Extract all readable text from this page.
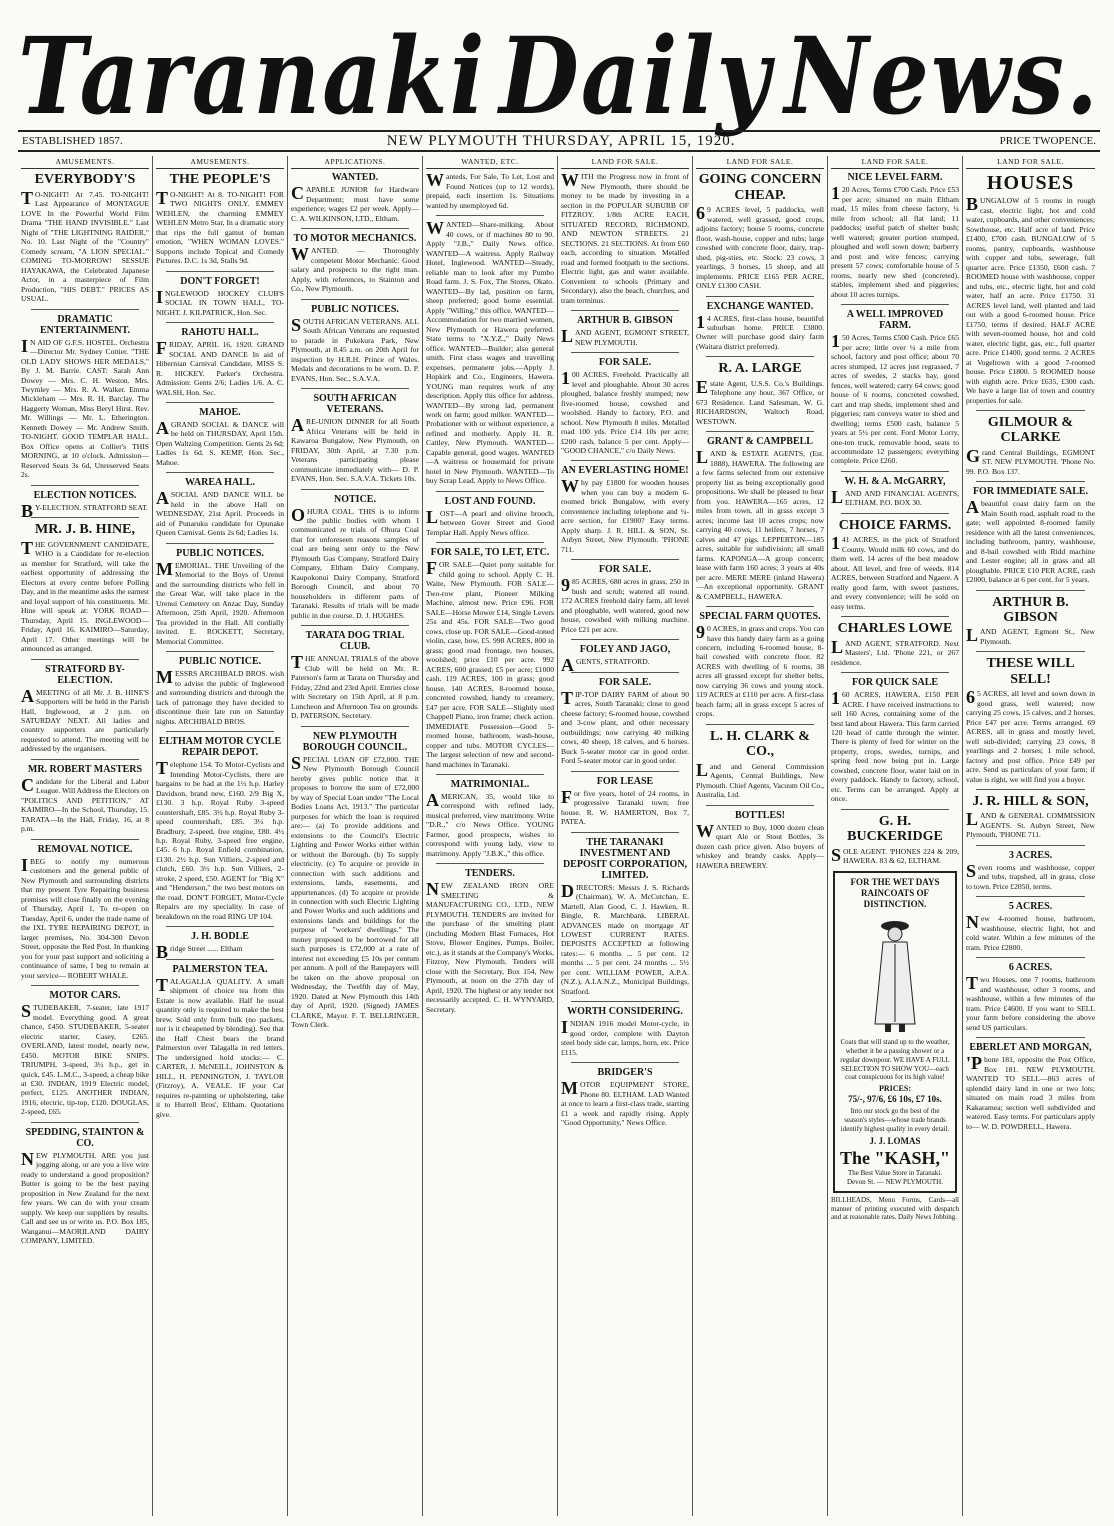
Taranaki Daily News.
ESTABLISHED 1857.	NEW PLYMOUTH THURSDAY, APRIL 15, 1920.	PRICE TWOPENCE.
AMUSEMENTS.
EVERYBODY'S

TO-NIGHT! At 7.45. TO-NIGHT! Last Appearance of MONTAGUE LOVE In the Powerful World Film Drama "THE HAND INVISIBLE." Last Night of "THE LIGHTNING RAIDER," No. 10. Last Night of the "Country" Comedy scream, "A LION SPECIAL." COMING TO-MORROW! SESSUE HAYAKAWA, the Celebrated Japanese Actor, in a masterpiece of Film Production, "HIS DEBT." PRICES AS USUAL.

DRAMATIC ENTERTAINMENT.

IN AID OF G.F.S. HOSTEL. Orchestra—Director Mr. Sydney Cottier. "THE OLD LADY SHOWS HER MEDALS," By J. M. Barrie. CAST: Sarah Ann Dowey — Mrs. C. H. Weston. Mrs. Twymley — Mrs. R. A. Walker. Emma Mickleham — Mrs. R. H. Barclay. The Haggerty Woman, Miss Beryl Hirst. Rev. Mr. Willings — Mr. L. Etherington. Kenneth Dowey — Mr. Andrew Smith. TO-NIGHT. GOOD TEMPLAR HALL. Box Office opens at Collier's THIS MORNING, at 10 o'clock. Admission—Reserved Seats 3s 6d, Unreserved Seats 2s.

ELECTION NOTICES.

BY-ELECTION. STRATFORD SEAT.

MR. J. B. HINE,

THE GOVERNMENT CANDIDATE, WHO is a Candidate for re-election as member for Stratford, will take the earliest opportunity of addressing the Electors at every centre before Polling Day, and in the meantime asks the earnest and loyal support of his constituents. Mr. Hine will speak at: YORK ROAD—Thursday, April 15. INGLEWOOD—Friday, April 16. KAIMIRO—Saturday, April 17. Other meetings will be announced as arranged.

STRATFORD BY-ELECTION.

AMEETING of all Mr. J. B. HINE'S Supporters will be held in the Parish Hall, Inglewood, at 2 p.m. on SATURDAY NEXT. All ladies and country supporters are particularly requested to attend. The meeting will be addressed by the organisers.

MR. ROBERT MASTERS

Candidate for the Liberal and Labor League. Will Address the Electors on "POLITICS AND PETITION," AT KAIMIRO—In the School, Thursday, 15. TARATA—In the Hall, Friday, 16, at 8 p.m.

REMOVAL NOTICE.

IBEG to notify my numerous customers and the general public of New Plymouth and surrounding districts that my present Tyre Repairing business premises will close finally on the evening of Thursday, April 1. To re-open on Tuesday, April 6, under the trade name of the IXL TYRE REPAIRING DEPOT, in larger premises, No. 304-300 Devon Street, opposite the Red Post. In thanking you for your past support and soliciting a continuance of same, I beg to remain at your service— ROBERT WHALE.

MOTOR CARS.

STUDEBAKER, 7-seater, late 1917 model. Everything good. A great chance, £450. STUDEBAKER, 5-seater electric starter, Casey, £265. OVERLAND, latest model, nearly new, £450. MOTOR BIKE SNIPS. TRIUMPH, 3-speed, 3½ h.p., get in quick, £45. L.M.C., 3-speed, a cheap bike at £30. INDIAN, 1919 Electric model, perfect, £125. ANOTHER INDIAN, 1916, electric, tip-top, £120. DOUGLAS, 2-speed, £65.

SPEDDING, STAINTON & CO.

NEW PLYMOUTH. ARE you just jogging along, or are you a live wire ready to understand a good proposition? Butter is going to be the best paying proposition in New Zealand for the next few years. We can do with your cream supply. We keep our suppliers by results. Call and see us or write us. P.O. Box 185, Wanganui—MAORILAND DAIRY COMPANY, LIMITED.

AMUSEMENTS.
THE PEOPLE'S

TO-NIGHT! At 8. TO-NIGHT! FOR TWO NIGHTS ONLY. EMMEY WEHLEN, the charming EMMEY WEHLEN Metro Star, In a dramatic story that rips the full gamut of human emotion, "WHEN WOMAN LOVES." Supports include Topical and Comedy Pictures. D.C. 1s 3d, Stalls 9d.

DON'T FORGET!

INGLEWOOD HOCKEY CLUB'S SOCIAL IN TOWN HALL, TO-NIGHT. J. KILPATRICK, Hon. Sec.

RAHOTU HALL.

FRIDAY, APRIL 16, 1920. GRAND SOCIAL AND DANCE In aid of Hibernian Carnival Candidate, MISS S. R. HICKEY. Parker's Orchestra. Admission: Gents 2/6; Ladies 1/6. A. C. WALSH, Hon. Sec.

MAHOE.

AGRAND SOCIAL & DANCE will be held on THURSDAY, April 15th. Open Waltzing Competition. Gents 2s 6d; Ladies 1s 6d. S. KEMP, Hon. Sec., Mahoe.

WAREA HALL.

ASOCIAL AND DANCE WILL be held in the above Hall on WEDNESDAY, 21st April. Proceeds in aid of Punaruku candidate for Opunake Queen Carnival. Gents 2s 6d; Ladies 1s.

PUBLIC NOTICES.

MEMORIAL. THE Unveiling of the Memorial to the Boys of Urenui and the surrounding districts who fell in the Great War, will take place in the Urenui Cemetery on Anzac Day, Sunday Afternoon, 25th April, 1920. Afternoon Tea provided in the Hall. All cordially invited. E. ROCKETT, Secretary, Memorial Committee.

PUBLIC NOTICE.

MESSRS ARCHIBALD BROS. wish to advise the public of Inglewood and surrounding districts and through the lack of patronage they have decided to discontinue their late run on Saturday nights. ARCHIBALD BROS.

ELTHAM MOTOR CYCLE REPAIR DEPOT.

Telephone 154. To Motor-Cyclists and Intending Motor-Cyclists, there are bargains to be had at the 1½ h.p. Harley Davidson, brand new, £160. 2/9 Big X, £130. 3 h.p. Royal Ruby 3-speed countershaft, £85. 3½ h.p. Royal Ruby 3-speed countershaft, £85. 3½ h.p. Bradbury, 2-speed, free engine, £80. 4½ h.p. Royal Ruby, 3-speed free engine, £45. 6 h.p. Royal Enfield combination, £130. 2½ h.p. Sun Villiers, 2-speed and clutch, £60. 3½ h.p. Sun Villiers, 2-stroke, 2 speed, £50. AGENT for "Big X" and "Henderson," the two best motors on the road. DON'T FORGET, Motor-Cycle Repairs are my speciality. In case of breakdown on the road RING UP 104.

J. H. BODLE

Bridge Street ...... Eltham

PALMERSTON TEA.

TALAGALLA QUALITY. A small shipment of choice tea from this Estate is now available. Half he usual quantity only is required to make the best brew. Sold only from bulk (no packets, nor is it cheapened by blending). See that the Half Chest bears the brand Palmerston over Talagalla in red letters. The undersigned hold stocks:— C. CARTER, J. McNEILL, JOHNSTON & HILL, H. PENNINGTON, J. TAYLOR (Fitzroy), A. VEALE. IF your Car requires re-painting or upholstering, take it to Hurrell Bros', Eltham. Quotations give.

APPLICATIONS.
WANTED.

CAPABLE JUNIOR for Hardware Department; must have some experience; wages £2 per week. Apply— C. A. WILKINSON, LTD., Eltham.

TO MOTOR MECHANICS.

WANTED. — Thoroughly competent Motor Mechanic. Good salary and prospects to the right man. Apply, with references, to Stainton and Co., New Plymouth.

PUBLIC NOTICES.

SOUTH AFRICAN VETERANS. ALL South African Veterans are requested to parade in Pukekura Park, New Plymouth, at 8.45 a.m. on 20th April for inspection by H.R.H. Prince of Wales. Medals and decorations to be worn. D. P. EVANS, Hon. Sec., S.A.V.A.

SOUTH AFRICAN VETERANS.

ARE-UNION DINNER for all South Africa Veterans will be held in Kawaroa Bungalow, New Plymouth, on FRIDAY, 30th April, at 7.30 p.m. Veterans participating please communicate immediately with— D. P. EVANS, Hon. Sec. S.A.V.A. Tickets 10s.

NOTICE.

OHURA COAL. THIS is to inform the public bodies with whom I communicated re trials of Ohura Coal that for unforeseen reasons samples of coal are being sent only to the New Plymouth Gas Company, Stratford Dairy Company, Eltham Dairy Company, Kaupokonui Dairy Company, Stratford Borough Council, and about 70 householders in different parts of Taranaki. Results of trials will be made public in due course. D. J. HUGHES.

TARATA DOG TRIAL CLUB.

THE ANNUAL TRIALS of the above Club will be held on Mr. R. Paterson's farm at Tarata on Thursday and Friday, 22nd and 23rd April. Entries close with Secretary on 15th April, at 8 p.m. Luncheon and Afternoon Tea on grounds. D. PATERSON, Secretary.

NEW PLYMOUTH BOROUGH COUNCIL.

SPECIAL LOAN OF £72,000. THE New Plymouth Borough Council hereby gives public notice that it proposes to borrow the sum of £72,000 by way of Special Loan under "The Local Bodies Loans Act, 1913." The particular purposes for which the loan is required are:— (a) To provide additions and extensions to the Council's Electric Lighting and Power Works either within or without the Borough. (b) To supply electricity. (c) To acquire or provide in connection with such additions and extensions, lands, easements, and appurtenances. (d) To acquire or provide in connection with such Electric Lighting and Power Works and such additions and extensions lands and buildings for the purpose of "workers' dwellings." The money proposed to be borrowed for all such purposes is £72,000 at a rate of interest not exceeding £5 10s per centum per annum. A poll of the Ratepayers will be taken on the above proposal on Wednesday, the Twelfth day of May, 1920. Dated at New Plymouth this 14th day of April, 1920. (Signed) JAMES CLARKE, Mayor. F. T. BELLRINGER, Town Clerk.

WANTED, ETC.

Wanteds, For Sale, To Let, Lost and Found Notices (up to 12 words), prepaid, each insertion 1s. Situations wanted by unemployed 6d.

WANTED—Share-milking. About 40 cows, or if machines 80 to 90. Apply "J.B.," Daily News office. WANTED—A waitress. Apply Railway Hotel, Inglewood. WANTED—Steady, reliable man to look after my Pumbo Road farm. J. S. Fox, The Stores, Okato. WANTED—By lad, position on farm, sheep preferred; good home essential. Apply "Willing," this office. WANTED—Accommodation for two married women, New Plymouth or Hawera preferred. State terms to "X.Y.Z.," Daily News office. WANTED—Builder; also general smith. First class wages and travelling expenses, permanent jobs.—Apply J. Hopkirk and Co., Engineers, Hawera. YOUNG man requires work of any description. Apply this office for address. WANTED—By strong lad, permanent work on farm; good milker. WANTED—Probationer with or without experience, a refined and motherly. Apply H. R. Cattley, New Plymouth. WANTED—Capable general, good wages. WANTED—A waitress or housemaid for private hotel in New Plymouth. WANTED—To buy Scrap Lead. Apply to News Office.

LOST AND FOUND.

LOST—A pearl and olivine brooch, between Gover Street and Good Templar Hall. Apply News office.

FOR SALE, TO LET, ETC.

FOR SALE—Quiet pony suitable for child going to school. Apply C. H. Waite, New Plymouth. FOR SALE—Two-row plant, Pioneer Milking Machine, almost new. Price £96. FOR SALE—Horse Mower £14, Single Levers 25s and 45s. FOR SALE—Two good cows, close up. FOR SALE—Good-toned violin, case, bow, £5. 998 ACRES, 800 in grass; good road frontage, two houses, woolshed; price £10 per acre. 992 ACRES, 600 grassed; £5 per acre; £1000 cash. 119 ACRES, 100 in grass; good house. 140 ACRES, 8-roomed house, concreted cowshed, handy to creamery, £47 per acre. FOR SALE—Slightly used Chappell Piano, iron frame; check action. IMMEDIATE Possession—Good 5-roomed house, bathroom, wash-house, copper and tubs. MOTOR CYCLES—The largest selection of new and second-hand machines in Taranaki.

MATRIMONIAL.

AMERICAN, 35, would like to correspond with refined lady, musical preferred, view matrimony. Write "D.R.," c/o News Office. YOUNG Farmer, good prospects, wishes to correspond with young lady, view to matrimony. Apply "J.B.K.," this office.

TENDERS.

NEW ZEALAND IRON ORE SMELTING & MANUFACTURING CO., LTD., NEW PLYMOUTH. TENDERS are invited for the purchase of the smelting plant (including Modern Blast Furnaces, Hot Stove, Blower Engines, Pumps, Boiler, etc.), as it stands at the Company's Works, Fitzroy, New Plymouth. Tenders will close with the Secretary, Box 154, New Plymouth, at noon on the 27th day of April, 1920. The highest or any tender not necessarily accepted. C. H. WYNYARD, Secretary.

LAND FOR SALE.

WITH the Progress now in front of New Plymouth, there should be money to be made by investing in a section in the POPULAR SUBURB OF FITZROY. 1/8th ACRE EACH, SITUATED RECORD, RICHMOND, AND NEWTON STREETS. 21 SECTIONS. 21 SECTIONS. At from £60 each, according to situation. Metalled road and formed footpath to the sections. Electric light, gas and water available. Convenient to schools (Primary and Secondary), also the beach, churches, and tram terminus.

ARTHUR B. GIBSON

LAND AGENT, EGMONT STREET, NEW PLYMOUTH.

FOR SALE.

100 ACRES, Freehold. Practically all level and ploughable. About 30 acres ploughed, balance freshly stumped; new five-roomed house, cowshed and woolshed. Handy to factory, P.O. and school. New Plymouth 8 miles. Metalled road 100 yds. Price £14 10s per acre; £200 cash, balance 5 per cent. Apply— "GOOD CHANCE," c/o Daily News.

AN EVERLASTING HOME!

Why pay £1800 for wooden houses when you can buy a modern 6-roomed brick Bungalow, with every convenience including telephone and ¼-acre section, for £1900? Easy terms. Apply sharp. J. R. HILL & SON, St. Aubyn Street, New Plymouth. 'PHONE 711.

FOR SALE.

985 ACRES, 680 acres in grass, 250 in bush and scrub; watered all round. 172 ACRES freehold dairy farm, all level and ploughable, well watered, good new house, cowshed with milking machine. Price £21 per acre.

FOLEY AND JAGO,

AGENTS, STRATFORD.

FOR SALE.

TIP-TOP DAIRY FARM of about 90 acres, South Taranaki; close to good cheese factory; 6-roomed house, cowshed and 3-cow plant, and other necessary outbuildings; now carrying 40 milking cows, 40 sheep, 18 calves, and 6 horses. Buck 5-seater motor car in good order. Ford 5-seater motor car in good order.

FOR LEASE

For five years, hotel of 24 rooms, in progressive Taranaki town; free house. R. W. HAMERTON, Box 7, PATEA.

THE TARANAKI INVESTMENT AND DEPOSIT CORPORATION, LIMITED.

DIRECTORS: Messrs J. S. Richards (Chairman), W. A. McCutchan, E. Martell, Alan Good, C. J. Hawken, R. Bingle, R. Marchbank. LIBERAL ADVANCES made on mortgage AT LOWEST CURRENT RATES. DEPOSITS ACCEPTED at following rates:— 6 months ... 5 per cent. 12 months ... 5 per cent. 24 months ... 5½ per cent. WILLIAM POWER, A.P.A. (N.Z.), A.I.A.N.Z., Municipal Buildings, Stratford.

WORTH CONSIDERING.

INDIAN 1916 model Motor-cycle, in good order, complete with Dayton steel body side car, lamps, horn, etc. Price £115.

BRIDGER'S

MOTOR EQUIPMENT STORE, Phone 80. ELTHAM. LAD Wanted at once to learn a first-class trade, starting £1 a week and rapidly rising. Apply "Good Opportunity," News Office.

LAND FOR SALE.
GOING CONCERN CHEAP.

69 ACRES level, 5 paddocks, well watered, well grassed, good crops, adjoins factory; house 5 rooms, concrete floor, wash-house, copper and tubs; large cowshed with concrete floor, dairy, trap-shed, pig-sties, etc. Stock: 23 cows, 3 yearlings, 3 horses, 15 sheep, and all implements. PRICE £165 PER ACRE, ONLY £1300 CASH.

EXCHANGE WANTED.

14 ACRES, first-class house, beautiful suburban home. PRICE £3800. Owner will purchase good dairy farm (Waitara district preferred).

R. A. LARGE

Estate Agent, U.S.S. Co.'s Buildings. Telephone any hour, 367 Office, or 673 Residence. Land Salesman, W. G. RICHARDSON, Waltoch Road, WESTOWN.

GRANT & CAMPBELL

LAND & ESTATE AGENTS, (Est. 1888), HAWERA. The following are a few farms selected from our extensive property list as being exceptionally good propositions. We shall be pleased to hear from you. HAWERA—165 acres, 12 miles from town, all in grass except 3 acres; income last 10 acres crops; now carrying 40 cows, 11 heifers, 7 horses, 7 calves and 47 pigs. LEPPERTON—185 acres, suitable for subdivision; all small farms. KAPONGA—A group concern; lease with farm 160 acres; 3 years at 40s per acre. MERE MERE (inland Hawera)—An exceptional opportunity. GRANT & CAMPBELL, HAWERA.

SPECIAL FARM QUOTES.

90 ACRES, in grass and crops. You can have this handy dairy farm as a going concern, including 6-roomed house, 8-bail cowshed with concrete floor. 82 ACRES with dwelling of 6 rooms, 38 acres all grassed except for shelter belts, now carrying 36 cows and young stock. 119 ACRES at £110 per acre. A first-class beach farm; all in grass except 5 acres of crops.

L. H. CLARK & CO.,

Land and General Commission Agents, Central Buildings, New Plymouth. Chief Agents, Vacuum Oil Co., Australia, Ltd.

BOTTLES!

WANTED to Buy, 1000 dozen clean quart Ale or Stout Bottles, 3s dozen cash price given. Also buyers of whiskey and brandy casks. Apply— HAWERA BREWERY.

LAND FOR SALE.
NICE LEVEL FARM.

120 Acres, Terms £700 Cash. Price £53 per acre; situated on main Eltham road, 15 miles from cheese factory, ¼ mile from school; all flat land; 11 paddocks; useful patch of shelter bush; well watered; greater portion stumped, ploughed and well sown down; barberry and post and wire fences; carrying present 57 cows; comfortable house of 5 rooms, nearly new shed (concreted), stables, implement shed and piggeries; about 10 acres turnips.

A WELL IMPROVED FARM.

150 Acres, Terms £500 Cash. Price £65 per acre; little over ¼ a mile from school, factory and post office; about 70 acres stumped, 12 acres just regrassed, 7 acres of swedes, 2 stacks hay, good fences, well watered; carry 64 cows; good house of 6 rooms, concreted cowshed, cart and trap sheds, implement shed and piggeries; ram conveys water to shed and dwelling; terms £500 cash, balance 5 years at 5½ per cent. Ford Motor Lorry, one-ton truck, removable hood, seats to accommodate 12 passengers; everything complete. Price £260.

W. H. & A. McGARRY,

LAND AND FINANCIAL AGENTS, ELTHAM. P.O. BOX 30.

CHOICE FARMS.

141 ACRES, in the pick of Stratford County. Would milk 60 cows, and do them well. 14 acres of the best meadow about. All level, and free of weeds. 814 ACRES, between Stratford and Ngaere. A really good farm, with sweet pastures, and every convenience; will be sold on easy terms.

CHARLES LOWE

LAND AGENT, STRATFORD. Next Masters', Ltd. 'Phone 221, or 267 residence.

FOR QUICK SALE

160 ACRES, HAWERA, £150 PER ACRE. I have received instructions to sell 160 Acres, containing some of the best land about Hawera. This farm carried 120 head of cattle through the winter. There is plenty of feed for winter on the property, crops, swedes, turnips, and spring feed now being put in. Large cowshed, concrete floor, water laid on in every paddock. Handy to factory, school, etc. Terms can be arranged. Apply at once.

G. H. BUCKERIDGE

SOLE AGENT. 'PHONES 224 & 209, HAWERA. 83 & 62, ELTHAM.

FOR THE WET DAYS RAINCOATS OF DISTINCTION.

Coats that will stand up to the weather, whether it be a passing shower or a regular downpour. WE HAVE A FULL SELECTION TO SHOW YOU—each coat conspicuous for its high value!

PRICES:
75/-, 97/6, £6 10s, £7 10s.

Into our stock go the best of the season's styles—whose trade brands identify highest quality in every detail.

J. J. LOMAS
The "KASH,"
The Best Value Store in Taranaki. Devon St. — NEW PLYMOUTH.

BILLHEADS, Menu Forms, Cards—all manner of printing executed with despatch and at reasonable rates. Daily News Jobbing.

LAND FOR SALE.
HOUSES

BUNGALOW of 5 rooms in rough cast, electric light, hot and cold water, cupboards, and other conveniences; Sowthouse, etc. Half acre of land. Price £1400, £700 cash. BUNGALOW of 5 rooms, pantry, cupboards, washhouse with copper and tubs, sewerage, full quarter acre. Price £1350, £600 cash. 7 ROOMED house with washhouse, copper and tubs, etc., electric light, hot and cold water, half an acre. Price £1750. 31 ACRES level land, well planted and laid out with a good 6-roomed house. Price £1750, terms if desired. HALF ACRE with seven-roomed house, hot and cold water, electric light, gas, etc., full quarter acre. Price £1400, good terms. 2 ACRES at Vogeltown with a good 7-roomed house. Price £1800. 5 ROOMED house with eighth acre. Price £635, £300 cash. We have a large list of town and country properties for sale.

GILMOUR & CLARKE

Grand Central Buildings, EGMONT ST. NEW PLYMOUTH. 'Phone No. 99. P.O. Box 137.

FOR IMMEDIATE SALE.

Abeautiful coast dairy farm on the Main South road, asphalt road to the gate; well appointed 8-roomed family residence with all the latest conveniences, including bathroom, pantry, washhouse, and 8-bail cowshed with Ridd machine and Lester engine; all in grass and all ploughable. PRICE £10 PER ACRE, cash £2000, balance at 6 per cent. for 5 years.

ARTHUR B. GIBSON

LAND AGENT, Egmont St., New Plymouth.

THESE WILL SELL!

65 ACRES, all level and sown down in good grass, well watered; now carrying 25 cows, 15 calves, and 2 horses. Price £47 per acre. Terms arranged. 69 ACRES, all in grass and mostly level, well sub-divided; carrying 23 cows, 8 yearlings and 2 horses; 1 mile school, factory and post office. Price £49 per acre. Send us particulars of your farm; if value is right, we will find you a buyer.

J. R. HILL & SON,

LAND & GENERAL COMMISSION AGENTS. St. Aubyn Street, New Plymouth, 'PHONE 711.

3 ACRES.

Seven rooms and washhouse, copper and tubs, trapshed, all in grass, close to town. Price £2050, terms.

5 ACRES.

New 4-roomed house, bathroom, washhouse, electric light, hot and cold water. Within a few minutes of the tram. Price £2800.

6 ACRES.

Two Houses, one 7 rooms, bathroom and washhouse, other 3 rooms, and washhouse, within a few minutes of the tram. Price £4600. If you want to SELL your farm before considering the above send US particulars.

EBERLET AND MORGAN,

'Phone 181, opposite the Post Office, Box 181. NEW PLYMOUTH. WANTED TO SELL—863 acres of splendid dairy land in one or two lots; situated on main road 3 miles from Kakaramea; section well subdivided and watered. Easy terms. For particulars apply to— W. D. POWDRELL, Hawera.
